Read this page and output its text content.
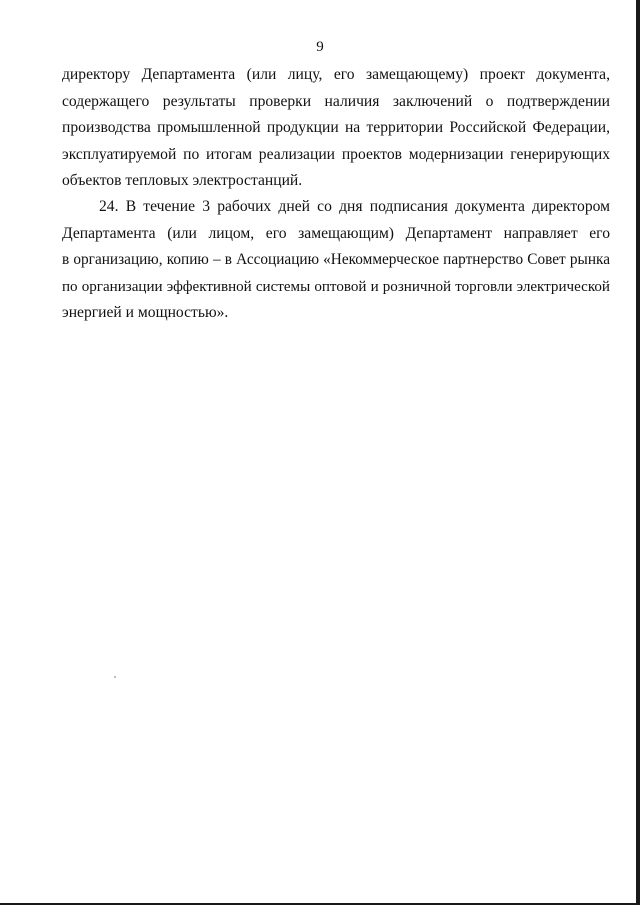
9
директору Департамента (или лицу, его замещающему) проект документа,
содержащего результаты проверки наличия заключений о подтверждении
производства промышленной продукции на территории Российской Федерации,
эксплуатируемой по итогам реализации проектов модернизации генерирующих
объектов тепловых электростанций.
24. В течение 3 рабочих дней со дня подписания документа директором
Департамента (или лицом, его замещающим) Департамент направляет его
в организацию, копию – в Ассоциацию «Некоммерческое партнерство Совет рынка
по организации эффективной системы оптовой и розничной торговли электрической
энергией и мощностью».
